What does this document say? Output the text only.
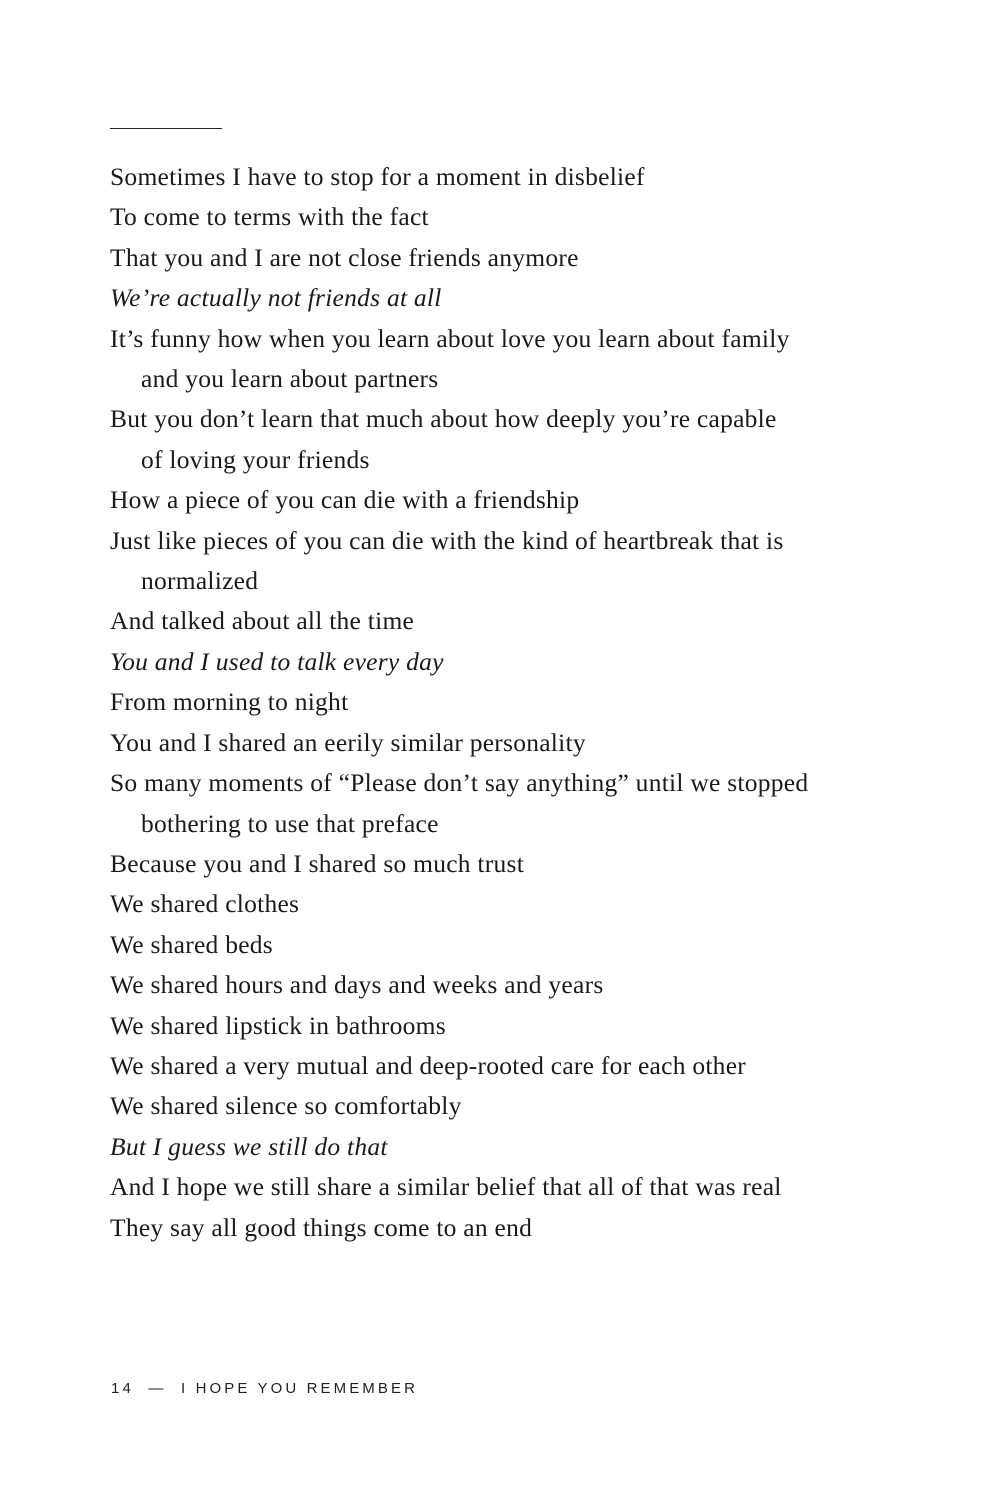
Sometimes I have to stop for a moment in disbelief
To come to terms with the fact
That you and I are not close friends anymore
We’re actually not friends at all
It’s funny how when you learn about love you learn about family
and you learn about partners
But you don’t learn that much about how deeply you’re capable
of loving your friends
How a piece of you can die with a friendship
Just like pieces of you can die with the kind of heartbreak that is
normalized
And talked about all the time
You and I used to talk every day
From morning to night
You and I shared an eerily similar personality
So many moments of “Please don’t say anything” until we stopped
bothering to use that preface
Because you and I shared so much trust
We shared clothes
We shared beds
We shared hours and days and weeks and years
We shared lipstick in bathrooms
We shared a very mutual and deep-rooted care for each other
We shared silence so comfortably
But I guess we still do that
And I hope we still share a similar belief that all of that was real
They say all good things come to an end
14  —  I HOPE YOU REMEMBER
